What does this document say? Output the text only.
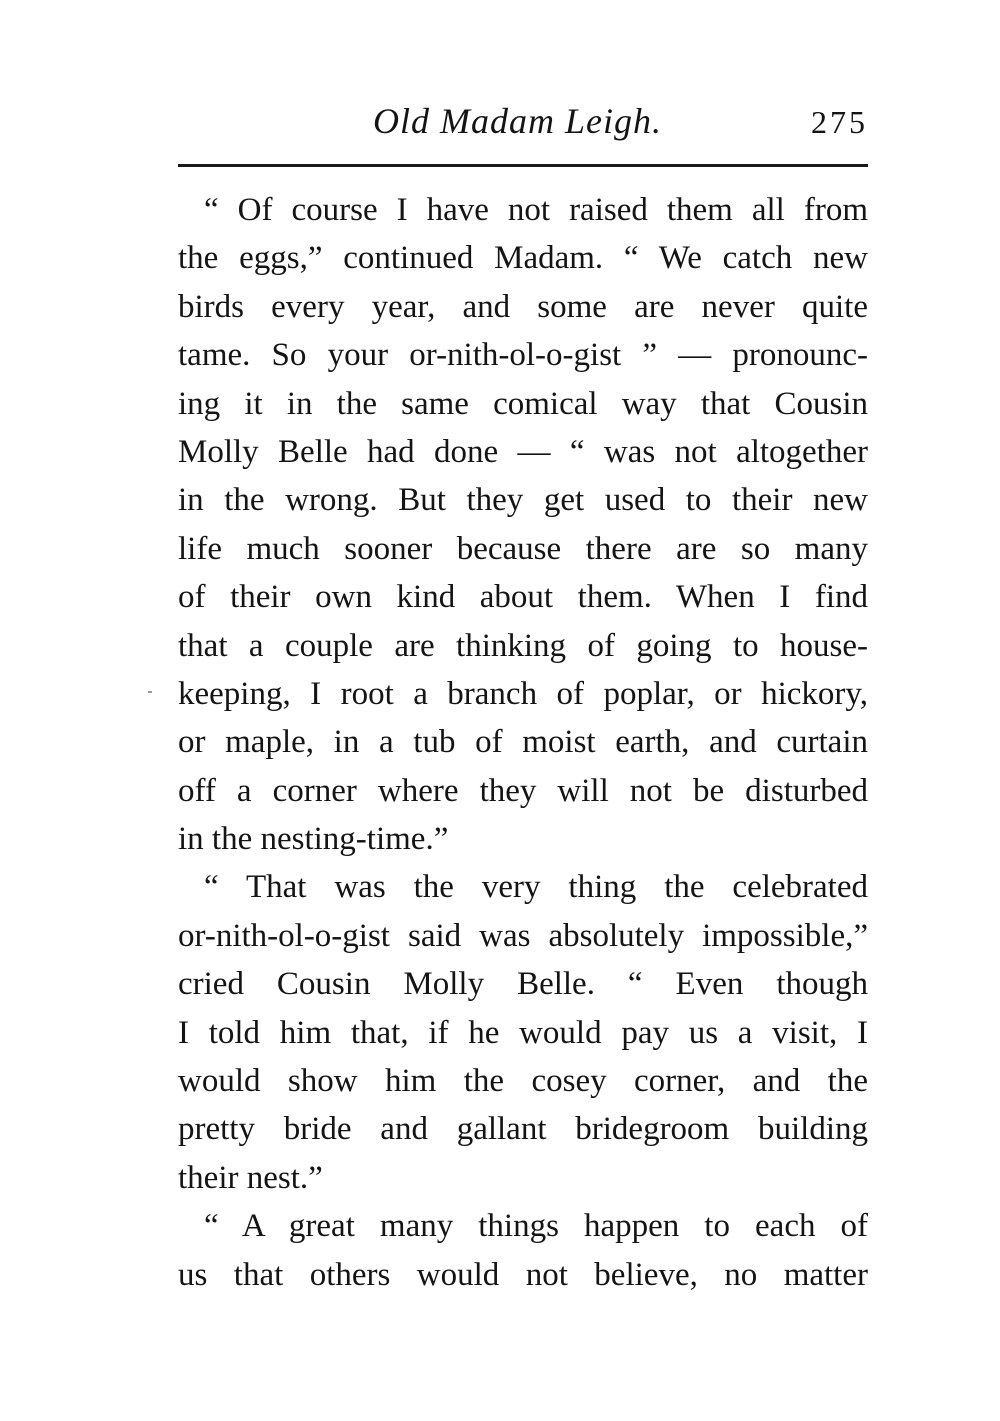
Old Madam Leigh.	275
“ Of course I have not raised them all from
the eggs,” continued Madam. “ We catch new
birds every year, and some are never quite
tame. So your or-nith-ol-o-gist ” — pronounc-
ing it in the same comical way that Cousin
Molly Belle had done — “ was not altogether
in the wrong. But they get used to their new
life much sooner because there are so many
of their own kind about them. When I find
that a couple are thinking of going to house-
keeping, I root a branch of poplar, or hickory,
or maple, in a tub of moist earth, and curtain
off a corner where they will not be disturbed
in the nesting-time.”
“ That was the very thing the celebrated
or-nith-ol-o-gist said was absolutely impossible,”
cried Cousin Molly Belle. “ Even though
I told him that, if he would pay us a visit, I
would show him the cosey corner, and the
pretty bride and gallant bridegroom building
their nest.”
“ A great many things happen to each of
us that others would not believe, no matter
